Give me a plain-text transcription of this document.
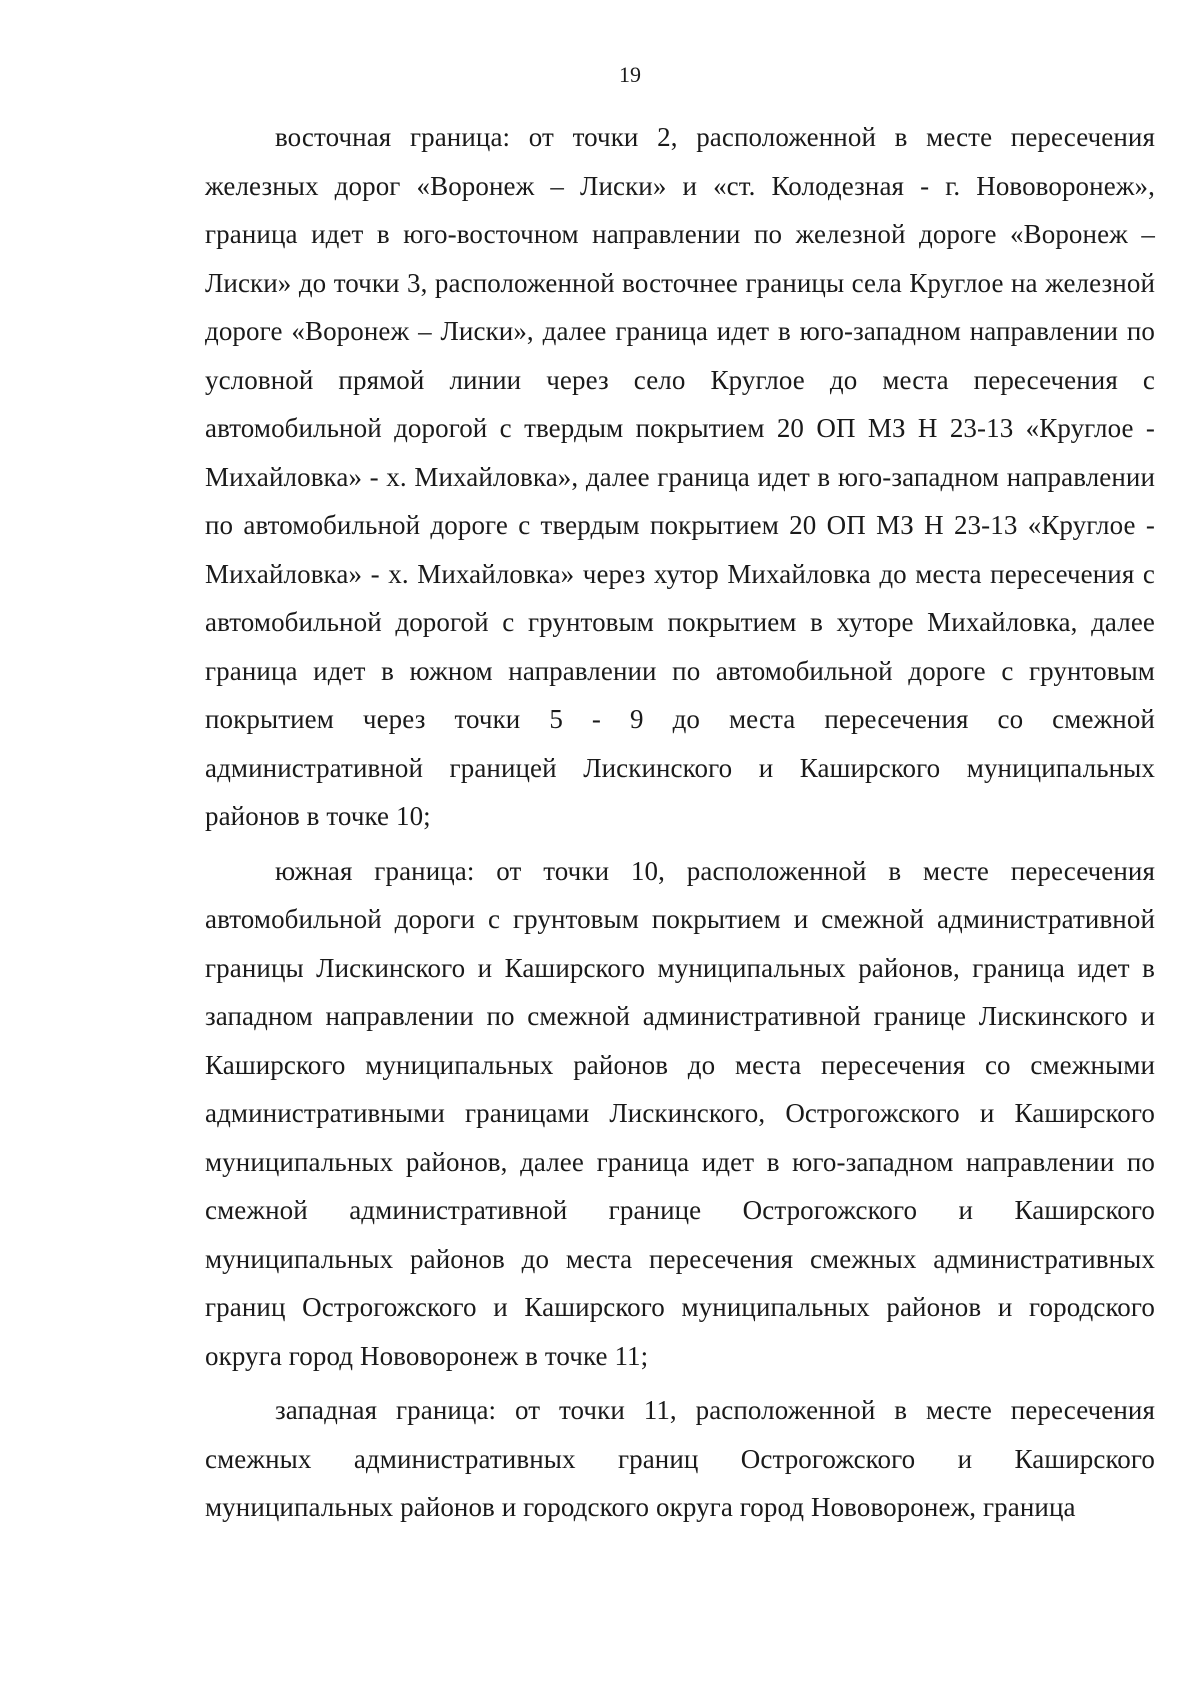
19

восточная граница: от точки 2, расположенной в месте пересечения железных дорог «Воронеж – Лиски» и «ст. Колодезная - г. Нововоронеж», граница идет в юго-восточном направлении по железной дороге «Воронеж – Лиски» до точки 3, расположенной восточнее границы села Круглое на железной дороге «Воронеж – Лиски», далее граница идет в юго-западном направлении по условной прямой линии через село Круглое до места пересечения с автомобильной дорогой с твердым покрытием 20 ОП МЗ Н 23-13 «Круглое - Михайловка» - х. Михайловка», далее граница идет в юго-западном направлении по автомобильной дороге с твердым покрытием 20 ОП МЗ Н 23-13 «Круглое - Михайловка» - х. Михайловка» через хутор Михайловка до места пересечения с автомобильной дорогой с грунтовым покрытием в хуторе Михайловка, далее граница идет в южном направлении по автомобильной дороге с грунтовым покрытием через точки 5 - 9 до места пересечения со смежной административной границей Лискинского и Каширского муниципальных районов в точке 10;

южная граница: от точки 10, расположенной в месте пересечения автомобильной дороги с грунтовым покрытием и смежной административной границы Лискинского и Каширского муниципальных районов, граница идет в западном направлении по смежной административной границе Лискинского и Каширского муниципальных районов до места пересечения со смежными административными границами Лискинского, Острогожского и Каширского муниципальных районов, далее граница идет в юго-западном направлении по смежной административной границе Острогожского и Каширского муниципальных районов до места пересечения смежных административных границ Острогожского и Каширского муниципальных районов и городского округа город Нововоронеж в точке 11;

западная граница: от точки 11, расположенной в месте пересечения смежных административных границ Острогожского и Каширского муниципальных районов и городского округа город Нововоронеж, граница
